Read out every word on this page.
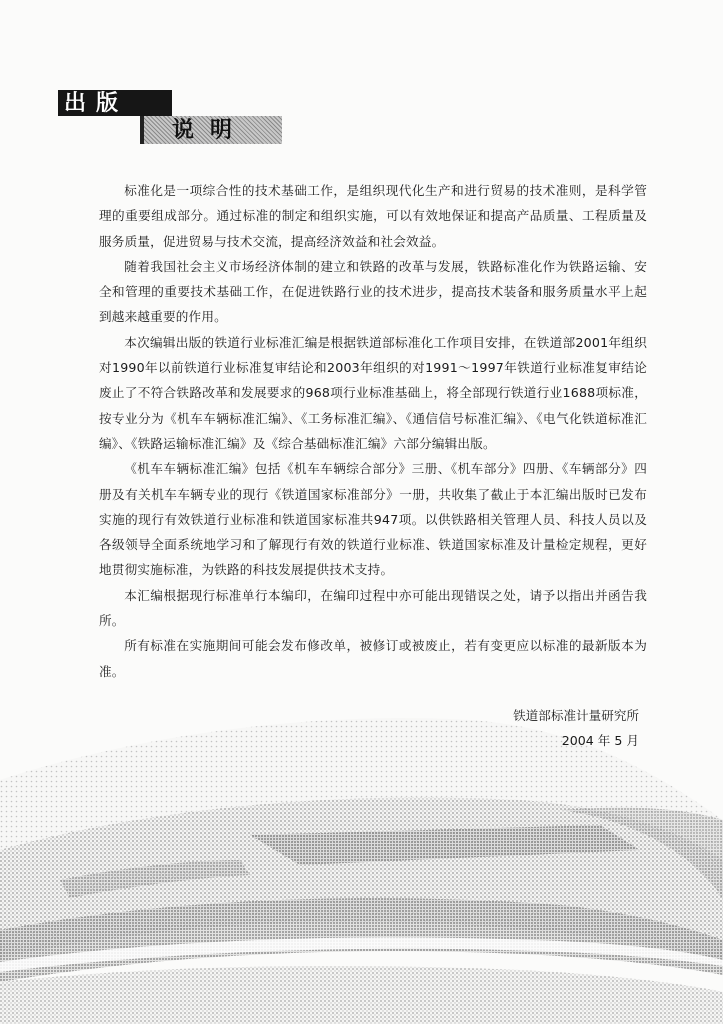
出版
说明

标准化是一项综合性的技术基础工作，是组织现代化生产和进行贸易的技术准则，是科学管理的重要组成部分。通过标准的制定和组织实施，可以有效地保证和提高产品质量、工程质量及服务质量，促进贸易与技术交流，提高经济效益和社会效益。

随着我国社会主义市场经济体制的建立和铁路的改革与发展，铁路标准化作为铁路运输、安全和管理的重要技术基础工作，在促进铁路行业的技术进步，提高技术装备和服务质量水平上起到越来越重要的作用。

本次编辑出版的铁道行业标准汇编是根据铁道部标准化工作项目安排，在铁道部2001年组织对1990年以前铁道行业标准复审结论和2003年组织的对1991～1997年铁道行业标准复审结论废止了不符合铁路改革和发展要求的968项行业标准基础上，将全部现行铁道行业1688项标准，按专业分为《机车车辆标准汇编》、《工务标准汇编》、《通信信号标准汇编》、《电气化铁道标准汇编》、《铁路运输标准汇编》及《综合基础标准汇编》六部分编辑出版。

《机车车辆标准汇编》包括《机车车辆综合部分》三册、《机车部分》四册、《车辆部分》四册及有关机车车辆专业的现行《铁道国家标准部分》一册，共收集了截止于本汇编出版时已发布实施的现行有效铁道行业标准和铁道国家标准共947项。以供铁路相关管理人员、科技人员以及各级领导全面系统地学习和了解现行有效的铁道行业标准、铁道国家标准及计量检定规程，更好地贯彻实施标准，为铁路的科技发展提供技术支持。

本汇编根据现行标准单行本编印，在编印过程中亦可能出现错误之处，请予以指出并函告我所。

所有标准在实施期间可能会发布修改单，被修订或被废止，若有变更应以标准的最新版本为准。

铁道部标准计量研究所
2004 年 5 月
